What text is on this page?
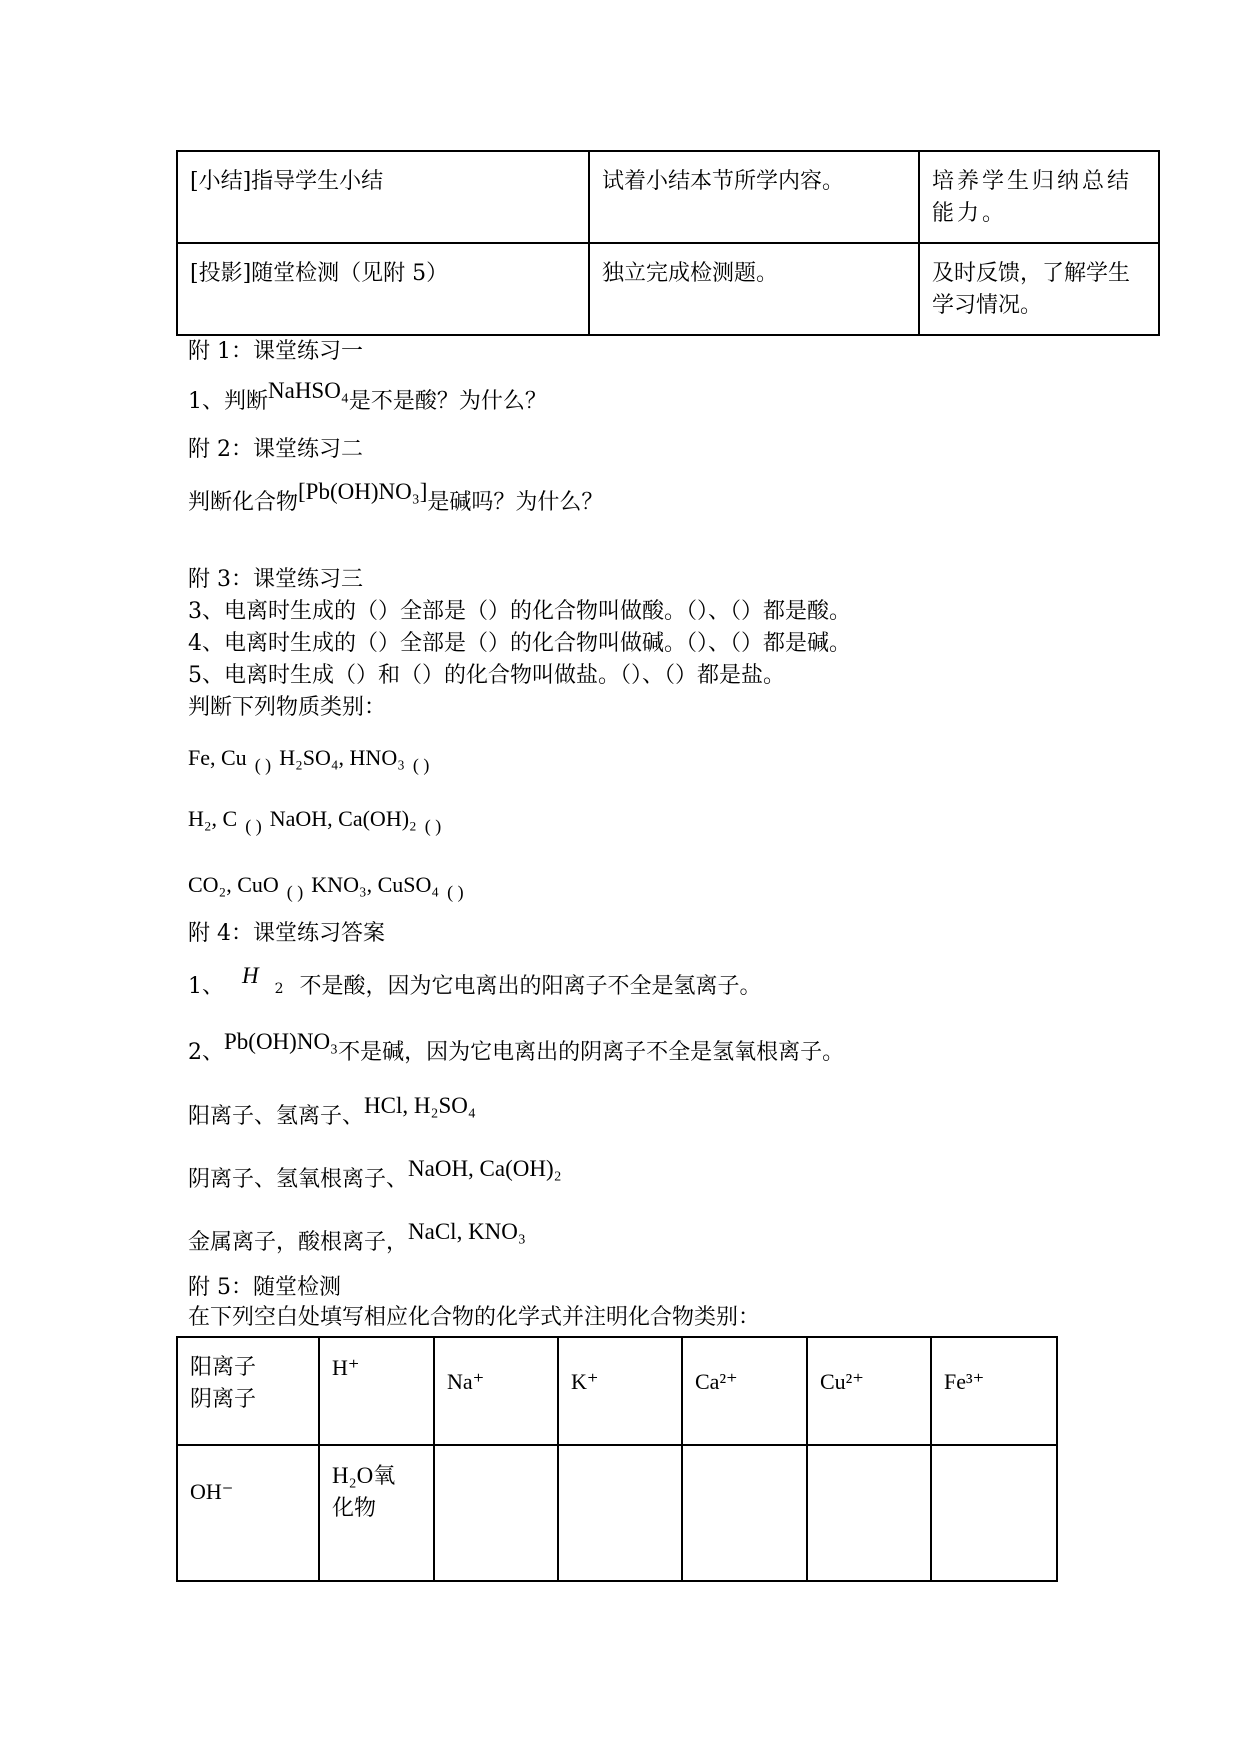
[小结]指导学生小结	试着小结本节所学内容。	培养学生归纳总结能力。
[投影]随堂检测（见附 5）	独立完成检测题。	及时反馈，了解学生学习情况。
附 1：课堂练习一
1、判断NaHSO₄是不是酸？为什么？
附 2：课堂练习二
判断化合物[Pb(OH)NO₃]是碱吗？为什么？
附 3：课堂练习三
3、电离时生成的（）全部是（）的化合物叫做酸。（）、（）都是酸。
4、电离时生成的（）全部是（）的化合物叫做碱。（）、（）都是碱。
5、电离时生成（）和（）的化合物叫做盐。（）、（）都是盐。
判断下列物质类别：
Fe, Cu $_{( )}$ H₂SO₄, HNO₃ $_{( )}$
H₂, C $_{( )}$ NaOH, Ca(OH)₂ $_{( )}$
CO₂, CuO $_{( )}$ KNO₃, CuSO₄ $_{( )}$
附 4：课堂练习答案
1、 H2 不是酸，因为它电离出的阳离子不全是氢离子。
2、Pb(OH)NO₃不是碱，因为它电离出的阴离子不全是氢氧根离子。
阳离子、氢离子、HCl, H₂SO₄
阴离子、氢氧根离子、NaOH, Ca(OH)₂
金属离子，酸根离子，NaCl, KNO₃
附 5：随堂检测
在下列空白处填写相应化合物的化学式并注明化合物类别：
阳离子
阴离子	H⁺	Na⁺	K⁺	Ca²⁺	Cu²⁺	Fe³⁺
OH⁻	H₂O氧
化物					
